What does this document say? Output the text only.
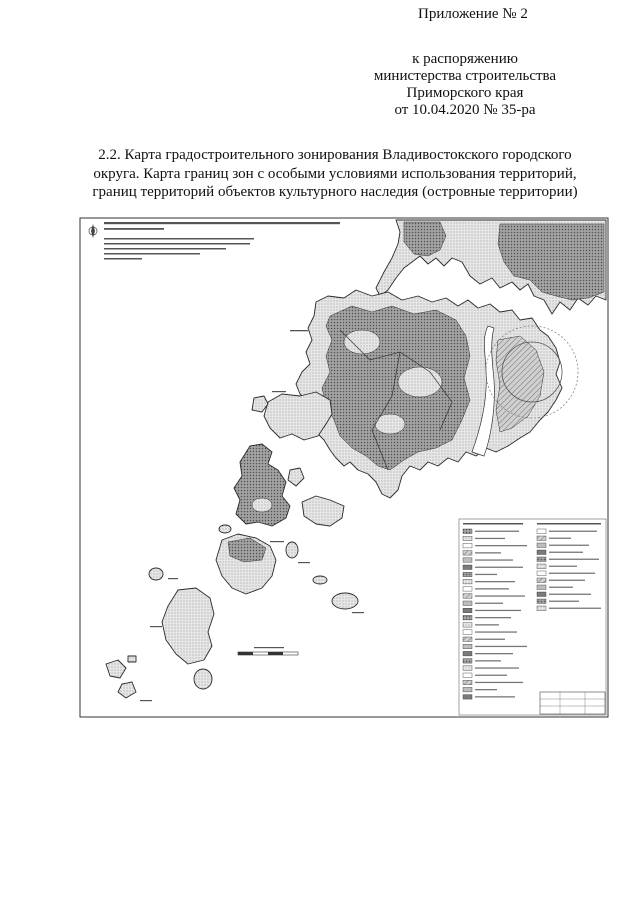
Приложение № 2
к распоряжению
министерства строительства
Приморского края
от 10.04.2020 № 35-ра
2.2. Карта градостроительного зонирования Владивостокского городского
округа. Карта границ зон с особыми условиями использования территорий,
границ территорий объектов культурного наследия (островные территории)
